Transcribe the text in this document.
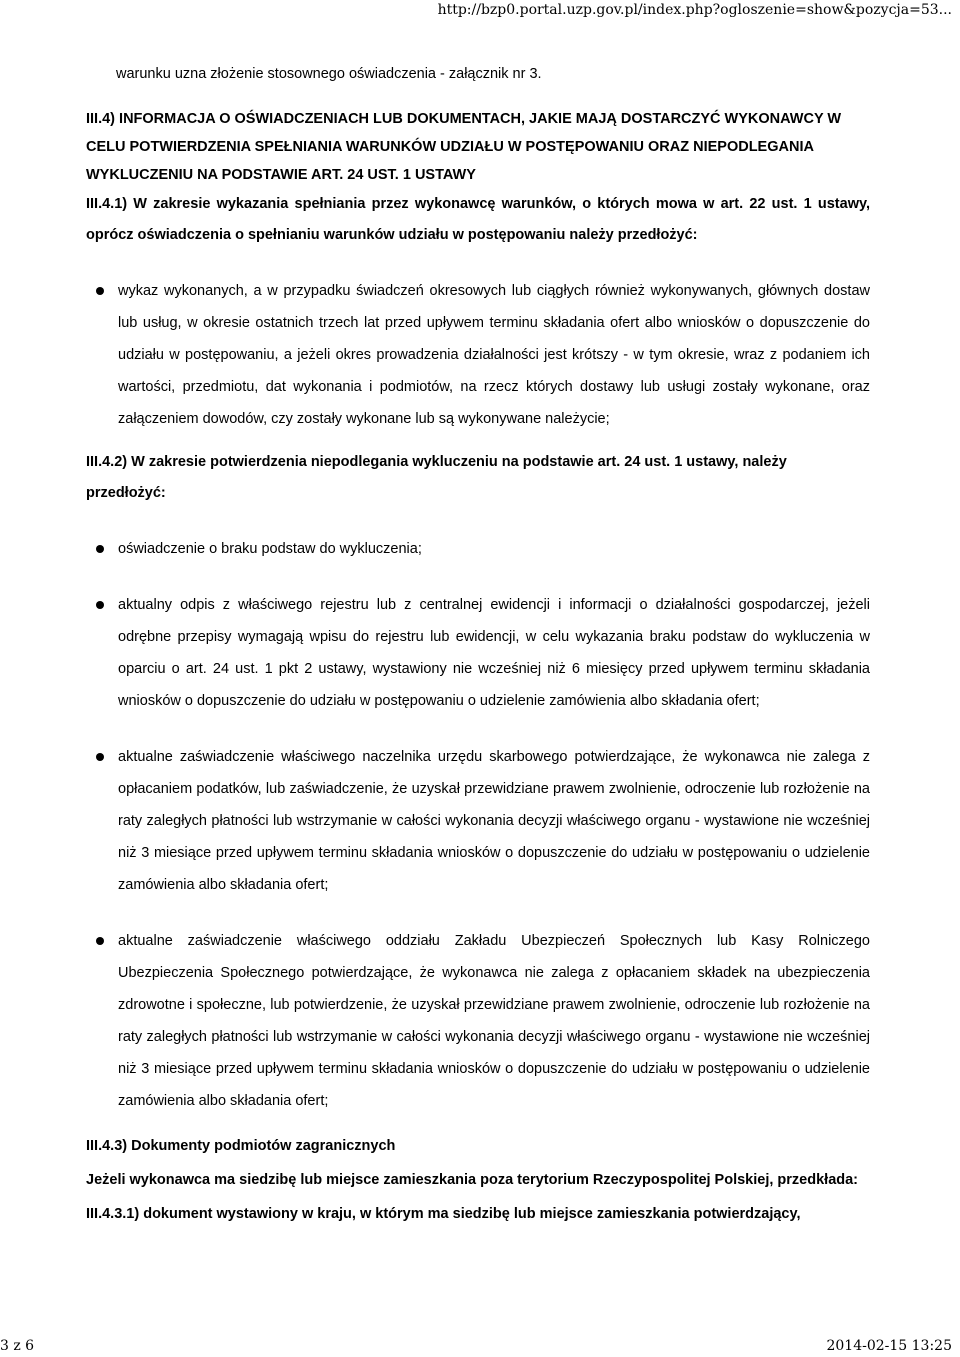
http://bzp0.portal.uzp.gov.pl/index.php?ogloszenie=show&pozycja=53...

warunku uzna złożenie stosownego oświadczenia - załącznik nr 3.

III.4) INFORMACJA O OŚWIADCZENIACH LUB DOKUMENTACH, JAKIE MAJĄ DOSTARCZYĆ WYKONAWCY W CELU POTWIERDZENIA SPEŁNIANIA WARUNKÓW UDZIAŁU W POSTĘPOWANIU ORAZ NIEPODLEGANIA WYKLUCZENIU NA PODSTAWIE ART. 24 UST. 1 USTAWY

III.4.1) W zakresie wykazania spełniania przez wykonawcę warunków, o których mowa w art. 22 ust. 1 ustawy, oprócz oświadczenia o spełnianiu warunków udziału w postępowaniu należy przedłożyć:

wykaz wykonanych, a w przypadku świadczeń okresowych lub ciągłych również wykonywanych, głównych dostaw lub usług, w okresie ostatnich trzech lat przed upływem terminu składania ofert albo wniosków o dopuszczenie do udziału w postępowaniu, a jeżeli okres prowadzenia działalności jest krótszy - w tym okresie, wraz z podaniem ich wartości, przedmiotu, dat wykonania i podmiotów, na rzecz których dostawy lub usługi zostały wykonane, oraz załączeniem dowodów, czy zostały wykonane lub są wykonywane należycie;

III.4.2) W zakresie potwierdzenia niepodlegania wykluczeniu na podstawie art. 24 ust. 1 ustawy, należy przedłożyć:

oświadczenie o braku podstaw do wykluczenia;
aktualny odpis z właściwego rejestru lub z centralnej ewidencji i informacji o działalności gospodarczej, jeżeli odrębne przepisy wymagają wpisu do rejestru lub ewidencji, w celu wykazania braku podstaw do wykluczenia w oparciu o art. 24 ust. 1 pkt 2 ustawy, wystawiony nie wcześniej niż 6 miesięcy przed upływem terminu składania wniosków o dopuszczenie do udziału w postępowaniu o udzielenie zamówienia albo składania ofert;
aktualne zaświadczenie właściwego naczelnika urzędu skarbowego potwierdzające, że wykonawca nie zalega z opłacaniem podatków, lub zaświadczenie, że uzyskał przewidziane prawem zwolnienie, odroczenie lub rozłożenie na raty zaległych płatności lub wstrzymanie w całości wykonania decyzji właściwego organu - wystawione nie wcześniej niż 3 miesiące przed upływem terminu składania wniosków o dopuszczenie do udziału w postępowaniu o udzielenie zamówienia albo składania ofert;
aktualne zaświadczenie właściwego oddziału Zakładu Ubezpieczeń Społecznych lub Kasy Rolniczego Ubezpieczenia Społecznego potwierdzające, że wykonawca nie zalega z opłacaniem składek na ubezpieczenia zdrowotne i społeczne, lub potwierdzenie, że uzyskał przewidziane prawem zwolnienie, odroczenie lub rozłożenie na raty zaległych płatności lub wstrzymanie w całości wykonania decyzji właściwego organu - wystawione nie wcześniej niż 3 miesiące przed upływem terminu składania wniosków o dopuszczenie do udziału w postępowaniu o udzielenie zamówienia albo składania ofert;

III.4.3) Dokumenty podmiotów zagranicznych

Jeżeli wykonawca ma siedzibę lub miejsce zamieszkania poza terytorium Rzeczypospolitej Polskiej, przedkłada:

III.4.3.1) dokument wystawiony w kraju, w którym ma siedzibę lub miejsce zamieszkania potwierdzający,

3 z 6	2014-02-15 13:25
